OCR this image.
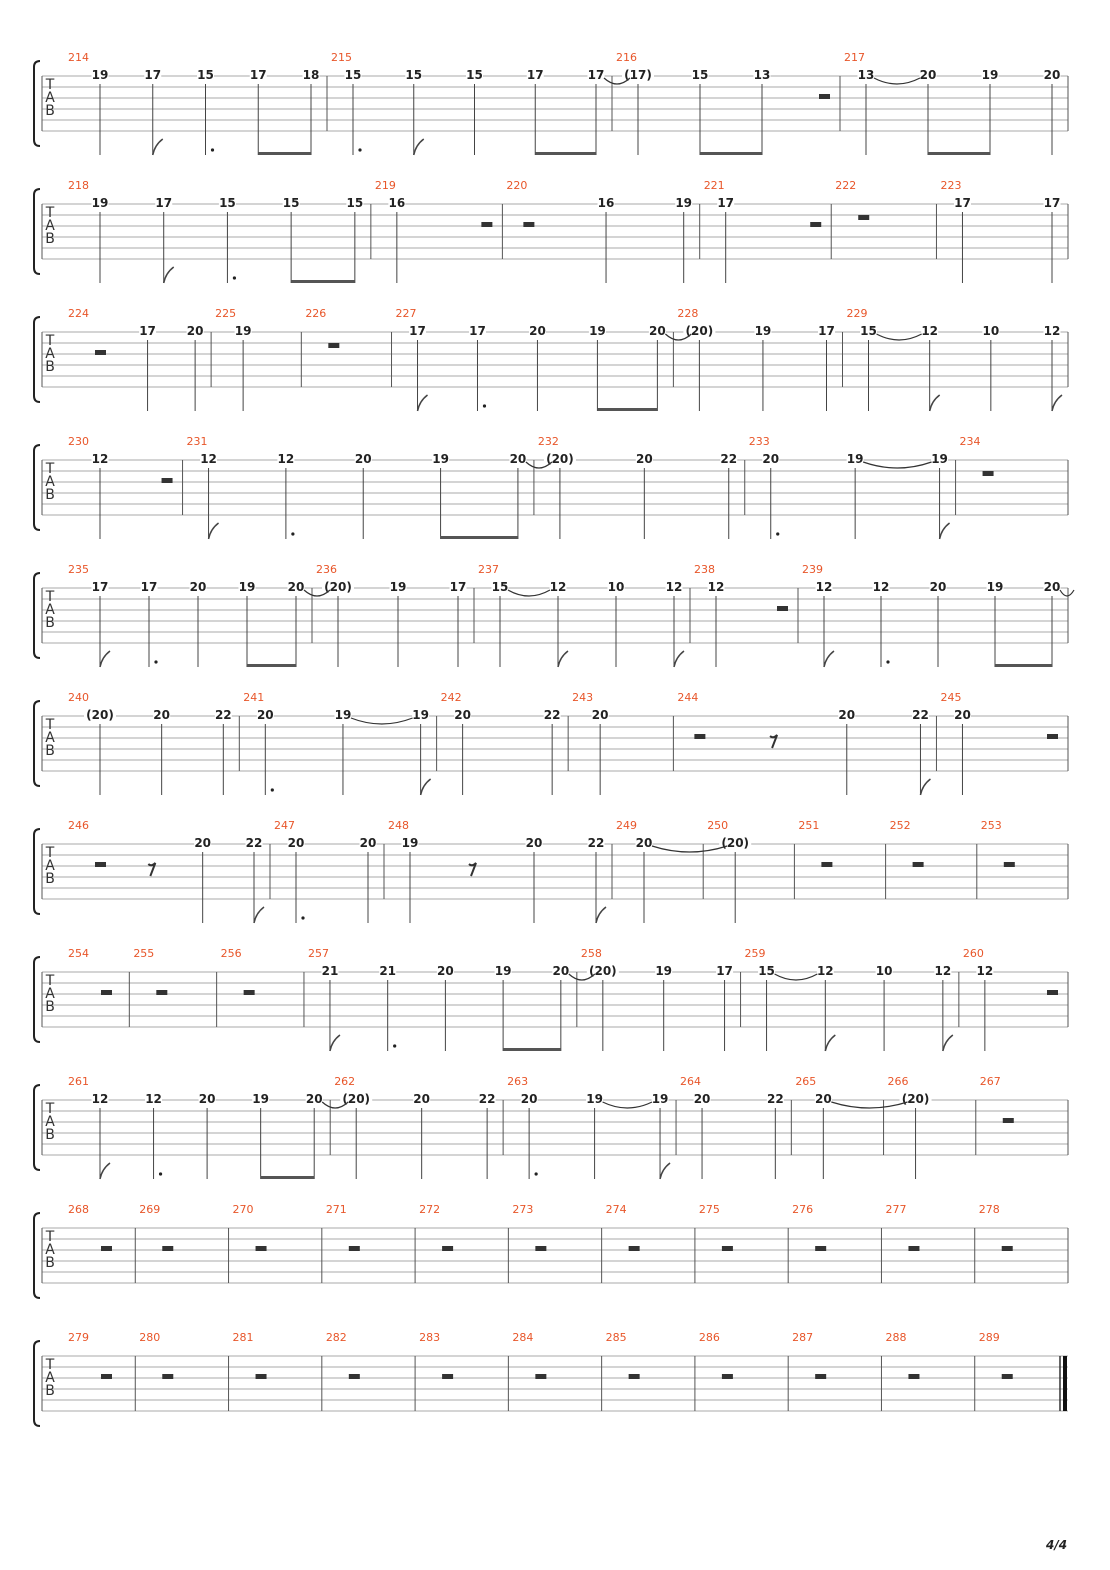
T
A
B
214
19	17	15	17	18
215
15	15	15	17	17
216
(17)	15	13
217
13	20	19	20
T
A
B
218
19	17	15	15	15
219
16
220
16	19
221
17
222	223
17	17
T
A
B
224
17	20
225
19
226	227
17	17	20	19	20
228
(20)	19	17
229
15	12	10	12
T
A
B
230
12
231
12	12	20	19	20
232
(20)	20	22
233
20	19	19
234
T
A
B
235
17	17	20	19	20
236
(20)	19	17
237
15	12	10	12
238
12
239
12	12	20	19	20
T
A
B
240
(20)	20	22
241
20	19	19
242
20	22
243
20
244
20	22
245
20
T
A
B
246
20	22
247
20	20
248
19	20	22
249
20
250
(20)
251	252	253
T
A
B
254	255	256	257
21	21	20	19	20
258
(20)	19	17
259
15	12	10	12
260
12
T
A
B
261
12	12	20	19	20
262
(20)	20	22
263
20	19	19
264
20	22
265
20
266
(20)
267
T
A
B
268	269	270	271	272	273	274	275	276	277	278
T
A
B
279	280	281	282	283	284	285	286	287	288	289
4/4
